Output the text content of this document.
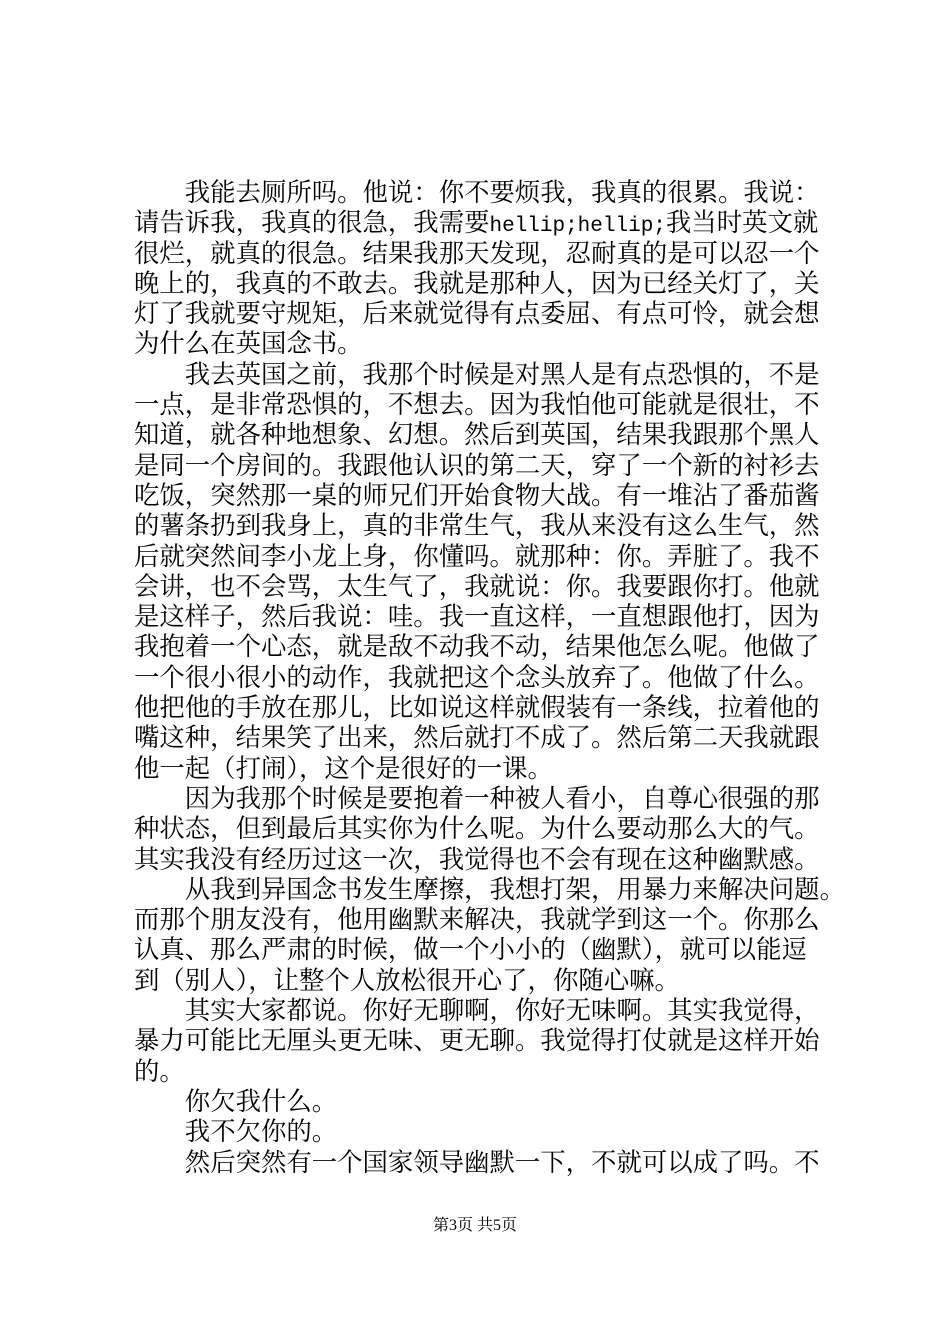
我能去厕所吗。他说：你不要烦我，我真的很累。我说：
请告诉我，我真的很急，我需要hellip;hellip;我当时英文就
很烂，就真的很急。结果我那天发现，忍耐真的是可以忍一个
晚上的，我真的不敢去。我就是那种人，因为已经关灯了，关
灯了我就要守规矩，后来就觉得有点委屈、有点可怜，就会想
为什么在英国念书。
我去英国之前，我那个时候是对黑人是有点恐惧的，不是
一点，是非常恐惧的，不想去。因为我怕他可能就是很壮，不
知道，就各种地想象、幻想。然后到英国，结果我跟那个黑人
是同一个房间的。我跟他认识的第二天，穿了一个新的衬衫去
吃饭，突然那一桌的师兄们开始食物大战。有一堆沾了番茄酱
的薯条扔到我身上，真的非常生气，我从来没有这么生气，然
后就突然间李小龙上身，你懂吗。就那种：你。弄脏了。我不
会讲，也不会骂，太生气了，我就说：你。我要跟你打。他就
是这样子，然后我说：哇。我一直这样，一直想跟他打，因为
我抱着一个心态，就是敌不动我不动，结果他怎么呢。他做了
一个很小很小的动作，我就把这个念头放弃了。他做了什么。
他把他的手放在那儿，比如说这样就假装有一条线，拉着他的
嘴这种，结果笑了出来，然后就打不成了。然后第二天我就跟
他一起（打闹），这个是很好的一课。
因为我那个时候是要抱着一种被人看小，自尊心很强的那
种状态，但到最后其实你为什么呢。为什么要动那么大的气。
其实我没有经历过这一次，我觉得也不会有现在这种幽默感。
从我到异国念书发生摩擦，我想打架，用暴力来解决问题。
而那个朋友没有，他用幽默来解决，我就学到这一个。你那么
认真、那么严肃的时候，做一个小小的（幽默），就可以能逗
到（别人），让整个人放松很开心了，你随心嘛。
其实大家都说。你好无聊啊，你好无味啊。其实我觉得，
暴力可能比无厘头更无味、更无聊。我觉得打仗就是这样开始
的。
你欠我什么。
我不欠你的。
然后突然有一个国家领导幽默一下，不就可以成了吗。不
第3页 共5页
